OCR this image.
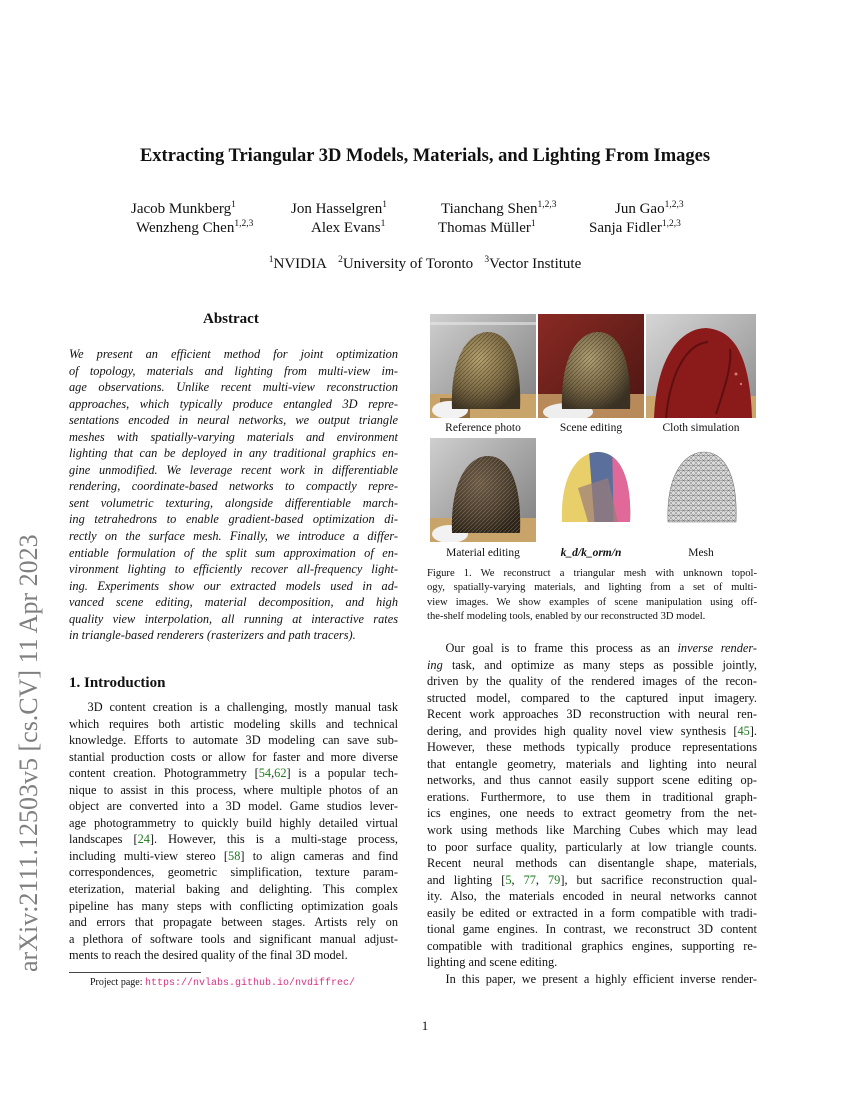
arXiv:2111.12503v5 [cs.CV] 11 Apr 2023
Extracting Triangular 3D Models, Materials, and Lighting From Images
Jacob Munkberg$^1$	Jon Hasselgren$^1$	Tianchang Shen$^{1,2,3}$	Jun Gao$^{1,2,3}$
Wenzheng Chen$^{1,2,3}$	Alex Evans$^1$	Thomas Müller$^1$	Sanja Fidler$^{1,2,3}$
$^1$NVIDIA $^2$University of Toronto $^3$Vector Institute
Abstract
We present an efficient method for joint optimization
of topology, materials and lighting from multi-view im-
age observations. Unlike recent multi-view reconstruction
approaches, which typically produce entangled 3D repre-
sentations encoded in neural networks, we output triangle
meshes with spatially-varying materials and environment
lighting that can be deployed in any traditional graphics en-
gine unmodified. We leverage recent work in differentiable
rendering, coordinate-based networks to compactly repre-
sent volumetric texturing, alongside differentiable march-
ing tetrahedrons to enable gradient-based optimization di-
rectly on the surface mesh. Finally, we introduce a differ-
entiable formulation of the split sum approximation of en-
vironment lighting to efficiently recover all-frequency light-
ing. Experiments show our extracted models used in ad-
vanced scene editing, material decomposition, and high
quality view interpolation, all running at interactive rates
in triangle-based renderers (rasterizers and path tracers).
1. Introduction
  3D content creation is a challenging, mostly manual task
which requires both artistic modeling skills and technical
knowledge. Efforts to automate 3D modeling can save sub-
stantial production costs or allow for faster and more diverse
content creation. Photogrammetry [54,62] is a popular tech-
nique to assist in this process, where multiple photos of an
object are converted into a 3D model. Game studios lever-
age photogrammetry to quickly build highly detailed virtual
landscapes [24]. However, this is a multi-stage process,
including multi-view stereo [58] to align cameras and find
correspondences, geometric simplification, texture param-
eterization, material baking and delighting. This complex
pipeline has many steps with conflicting optimization goals
and errors that propagate between stages. Artists rely on
a plethora of software tools and significant manual adjust-
ments to reach the desired quality of the final 3D model.
Project page: https://nvlabs.github.io/nvdiffrec/
Reference photo	Scene editing	Cloth simulation
Material editing	k_d/k_orm/n	Mesh
Figure 1. We reconstruct a triangular mesh with unknown topol-
ogy, spatially-varying materials, and lighting from a set of multi-
view images. We show examples of scene manipulation using off-
the-shelf modeling tools, enabled by our reconstructed 3D model.
  Our goal is to frame this process as an inverse render-
ing task, and optimize as many steps as possible jointly,
driven by the quality of the rendered images of the recon-
structed model, compared to the captured input imagery.
Recent work approaches 3D reconstruction with neural ren-
dering, and provides high quality novel view synthesis [45].
However, these methods typically produce representations
that entangle geometry, materials and lighting into neural
networks, and thus cannot easily support scene editing op-
erations. Furthermore, to use them in traditional graph-
ics engines, one needs to extract geometry from the net-
work using methods like Marching Cubes which may lead
to poor surface quality, particularly at low triangle counts.
Recent neural methods can disentangle shape, materials,
and lighting [5, 77, 79], but sacrifice reconstruction qual-
ity. Also, the materials encoded in neural networks cannot
easily be edited or extracted in a form compatible with tradi-
tional game engines. In contrast, we reconstruct 3D content
compatible with traditional graphics engines, supporting re-
lighting and scene editing.
  In this paper, we present a highly efficient inverse render-
1
